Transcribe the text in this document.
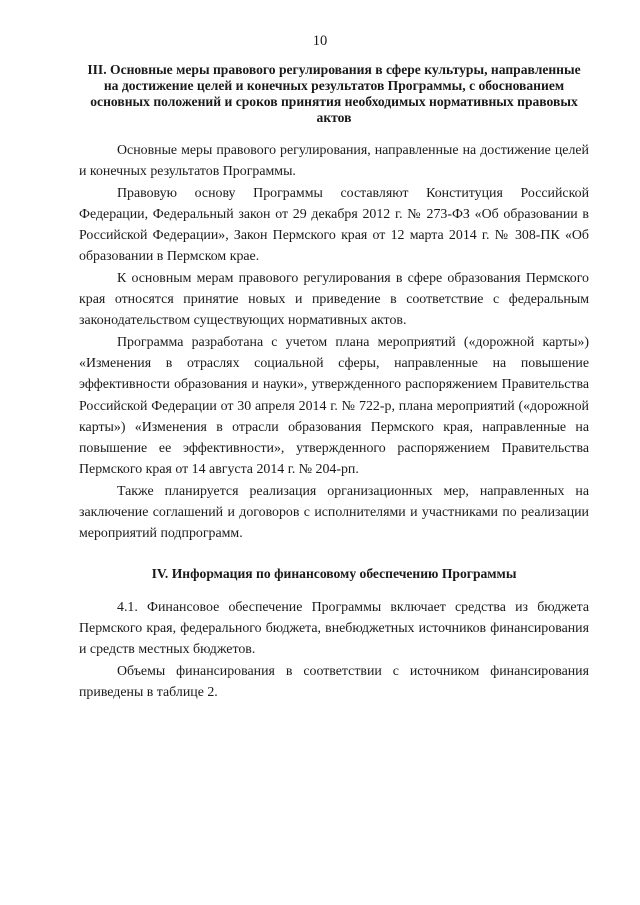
10
III. Основные меры правового регулирования в сфере культуры, направленные на достижение целей и конечных результатов Программы, с обоснованием основных положений и сроков принятия необходимых нормативных правовых актов

Основные меры правового регулирования, направленные на достижение целей и конечных результатов Программы.

Правовую основу Программы составляют Конституция Российской Федерации, Федеральный закон от 29 декабря 2012 г. № 273-ФЗ «Об образовании в Российской Федерации», Закон Пермского края от 12 марта 2014 г. № 308-ПК «Об образовании в Пермском крае.

К основным мерам правового регулирования в сфере образования Пермского края относятся принятие новых и приведение в соответствие с федеральным законодательством существующих нормативных актов.

Программа разработана с учетом плана мероприятий («дорожной карты») «Изменения в отраслях социальной сферы, направленные на повышение эффективности образования и науки», утвержденного распоряжением Правительства Российской Федерации от 30 апреля 2014 г. № 722-р, плана мероприятий («дорожной карты») «Изменения в отрасли образования Пермского края, направленные на повышение ее эффективности», утвержденного распоряжением Правительства Пермского края от 14 августа 2014 г. № 204-рп.

Также планируется реализация организационных мер, направленных на заключение соглашений и договоров с исполнителями и участниками по реализации мероприятий подпрограмм.

IV. Информация по финансовому обеспечению Программы

4.1. Финансовое обеспечение Программы включает средства из бюджета Пермского края, федерального бюджета, внебюджетных источников финансирования и средств местных бюджетов.

Объемы финансирования в соответствии с источником финансирования приведены в таблице 2.
